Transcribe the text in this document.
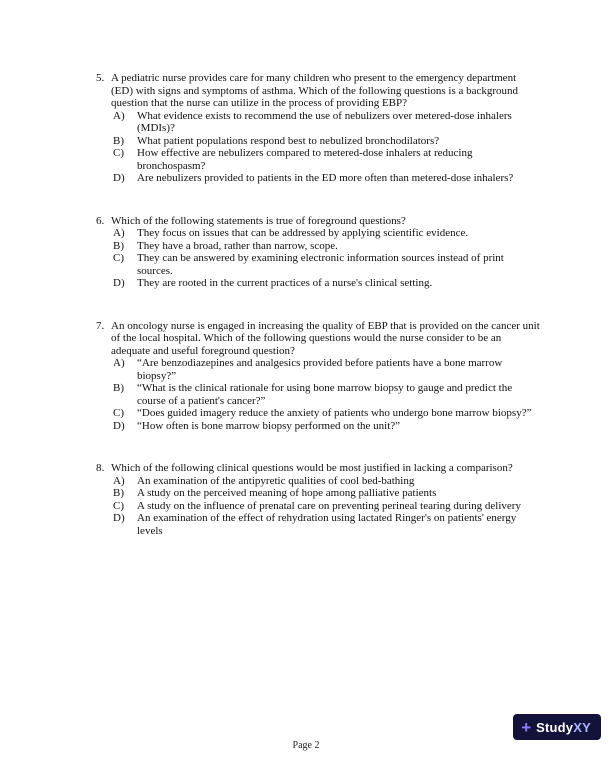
5. A pediatric nurse provides care for many children who present to the emergency department (ED) with signs and symptoms of asthma. Which of the following questions is a background question that the nurse can utilize in the process of providing EBP?
A)	What evidence exists to recommend the use of nebulizers over metered-dose inhalers (MDIs)?
B)	What patient populations respond best to nebulized bronchodilators?
C)	How effective are nebulizers compared to metered-dose inhalers at reducing bronchospasm?
D)	Are nebulizers provided to patients in the ED more often than metered-dose inhalers?
6. Which of the following statements is true of foreground questions?
A)	They focus on issues that can be addressed by applying scientific evidence.
B)	They have a broad, rather than narrow, scope.
C)	They can be answered by examining electronic information sources instead of print sources.
D)	They are rooted in the current practices of a nurse's clinical setting.
7. An oncology nurse is engaged in increasing the quality of EBP that is provided on the cancer unit of the local hospital. Which of the following questions would the nurse consider to be an adequate and useful foreground question?
A)	“Are benzodiazepines and analgesics provided before patients have a bone marrow biopsy?”
B)	“What is the clinical rationale for using bone marrow biopsy to gauge and predict the course of a patient's cancer?”
C)	“Does guided imagery reduce the anxiety of patients who undergo bone marrow biopsy?”
D)	“How often is bone marrow biopsy performed on the unit?”
8. Which of the following clinical questions would be most justified in lacking a comparison?
A)	An examination of the antipyretic qualities of cool bed-bathing
B)	A study on the perceived meaning of hope among palliative patients
C)	A study on the influence of prenatal care on preventing perineal tearing during delivery
D)	An examination of the effect of rehydration using lactated Ringer's on patients' energy levels
+ StudyXY
Page 2
